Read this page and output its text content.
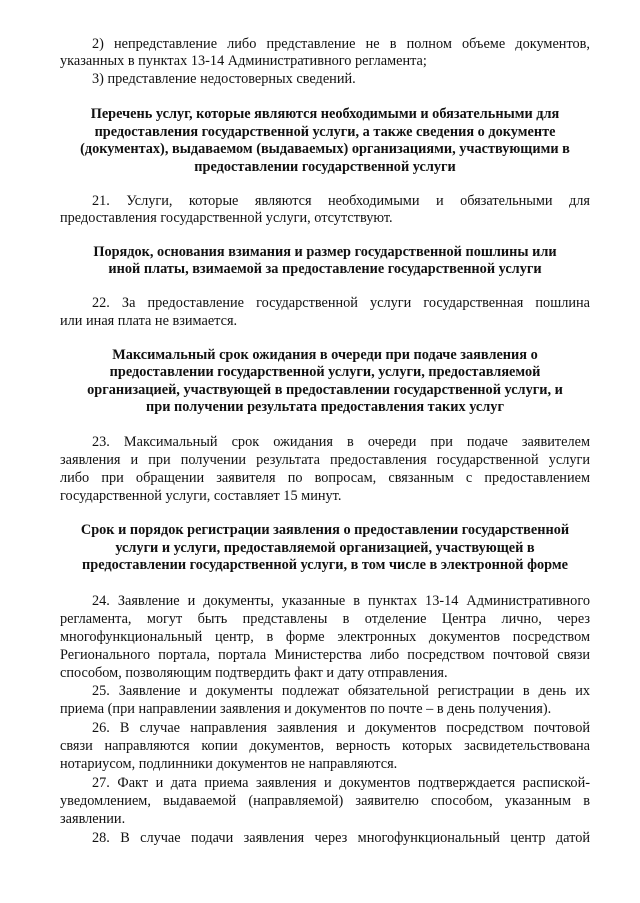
2) непредставление либо представление не в полном объеме документов,
указанных в пунктах 13-14 Административного регламента;
3) представление недостоверных сведений.
Перечень услуг, которые являются необходимыми и обязательными для
предоставления государственной услуги, а также сведения о документе
(документах), выдаваемом (выдаваемых) организациями, участвующими в
предоставлении государственной услуги
21. Услуги, которые являются необходимыми и обязательными для
предоставления государственной услуги, отсутствуют.
Порядок, основания взимания и размер государственной пошлины или
иной платы, взимаемой за предоставление государственной услуги
22. За предоставление государственной услуги государственная пошлина
или иная плата не взимается.
Максимальный срок ожидания в очереди при подаче заявления о
предоставлении государственной услуги, услуги, предоставляемой
организацией, участвующей в предоставлении государственной услуги, и
при получении результата предоставления таких услуг
23. Максимальный срок ожидания в очереди при подаче заявителем
заявления и при получении результата предоставления государственной услуги
либо при обращении заявителя по вопросам, связанным с предоставлением
государственной услуги, составляет 15 минут.
Срок и порядок регистрации заявления о предоставлении государственной
услуги и услуги, предоставляемой организацией, участвующей в
предоставлении государственной услуги, в том числе в электронной форме
24. Заявление и документы, указанные в пунктах 13-14 Административного
регламента, могут быть представлены в отделение Центра лично, через
многофункциональный центр, в форме электронных документов посредством
Регионального портала, портала Министерства либо посредством почтовой связи
способом, позволяющим подтвердить факт и дату отправления.
25. Заявление и документы подлежат обязательной регистрации в день их
приема (при направлении заявления и документов по почте – в день получения).
26. В случае направления заявления и документов посредством почтовой
связи направляются копии документов, верность которых засвидетельствована
нотариусом, подлинники документов не направляются.
27. Факт и дата приема заявления и документов подтверждается распиской-
уведомлением, выдаваемой (направляемой) заявителю способом, указанным в
заявлении.
28. В случае подачи заявления через многофункциональный центр датой
